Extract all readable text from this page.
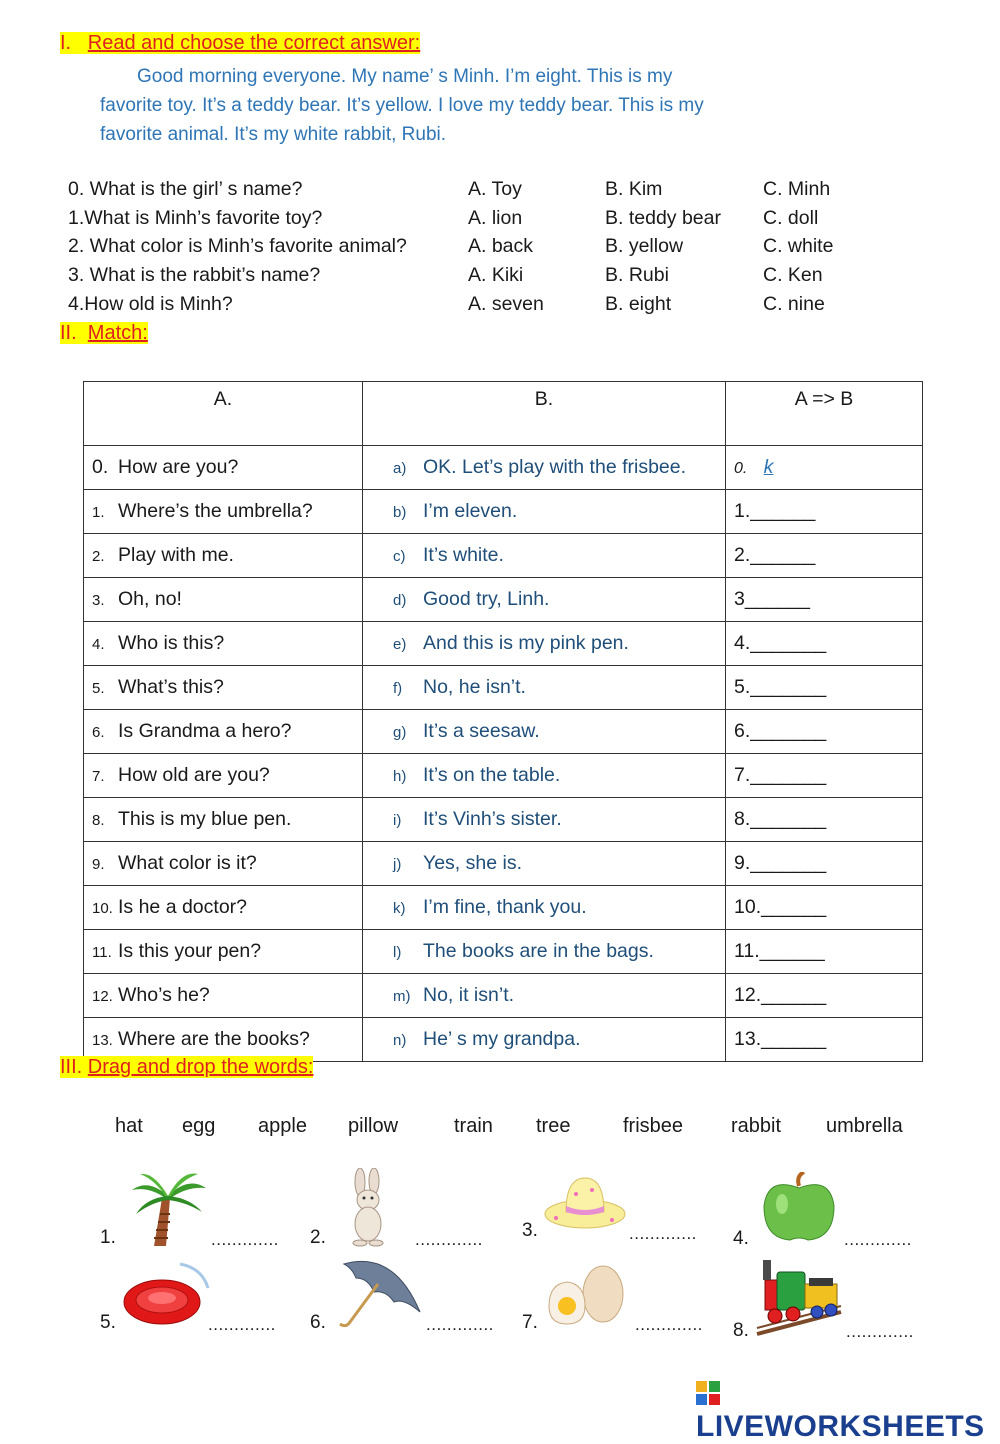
I. Read and choose the correct answer:
Good morning everyone. My name’ s Minh. I’m eight. This is my
favorite toy. It’s a teddy bear. It’s yellow. I love my teddy bear. This is my
favorite animal. It’s my white rabbit, Rubi.
0. What is the girl’ s name?	A. Toy	B. Kim	C. Minh
1.What is Minh’s favorite toy?	A. lion	B. teddy bear C. doll
2. What color is Minh’s favorite animal?	A. back	B. yellow	C. white
3. What is the rabbit’s name?	A. Kiki	B. Rubi	C. Ken
4.How old is Minh?	A. seven	B. eight	C. nine
II. Match:
A.	B.	A => B
0. How are you?	a) OK. Let’s play with the frisbee.	0. k
1. Where’s the umbrella?	b) I’m eleven.	1.______
2. Play with me.	c) It’s white.	2.______
3. Oh, no!	d) Good try, Linh.	3______
4. Who is this?	e) And this is my pink pen.	4._______
5. What’s this?	f) No, he isn’t.	5._______
6. Is Grandma a hero?	g) It’s a seesaw.	6._______
7. How old are you?	h) It’s on the table.	7._______
8. This is my blue pen.	i) It’s Vinh’s sister.	8._______
9. What color is it?	j) Yes, she is.	9._______
10. Is he a doctor?	k) I’m fine, thank you.	10.______
11. Is this your pen?	l) The books are in the bags.	11.______
12. Who’s he?	m) No, it isn’t.	12.______
13. Where are the books?	n) He’ s my grandpa.	13.______
III. Drag and drop the words:
hat egg apple pillow	train tree	frisbee rabbit umbrella
1.	............. 2.	............. 3.	............. 4.	.............
5.	............. 6.	............. 7.	............. 8.	.............
LIVEWORKSHEETS
